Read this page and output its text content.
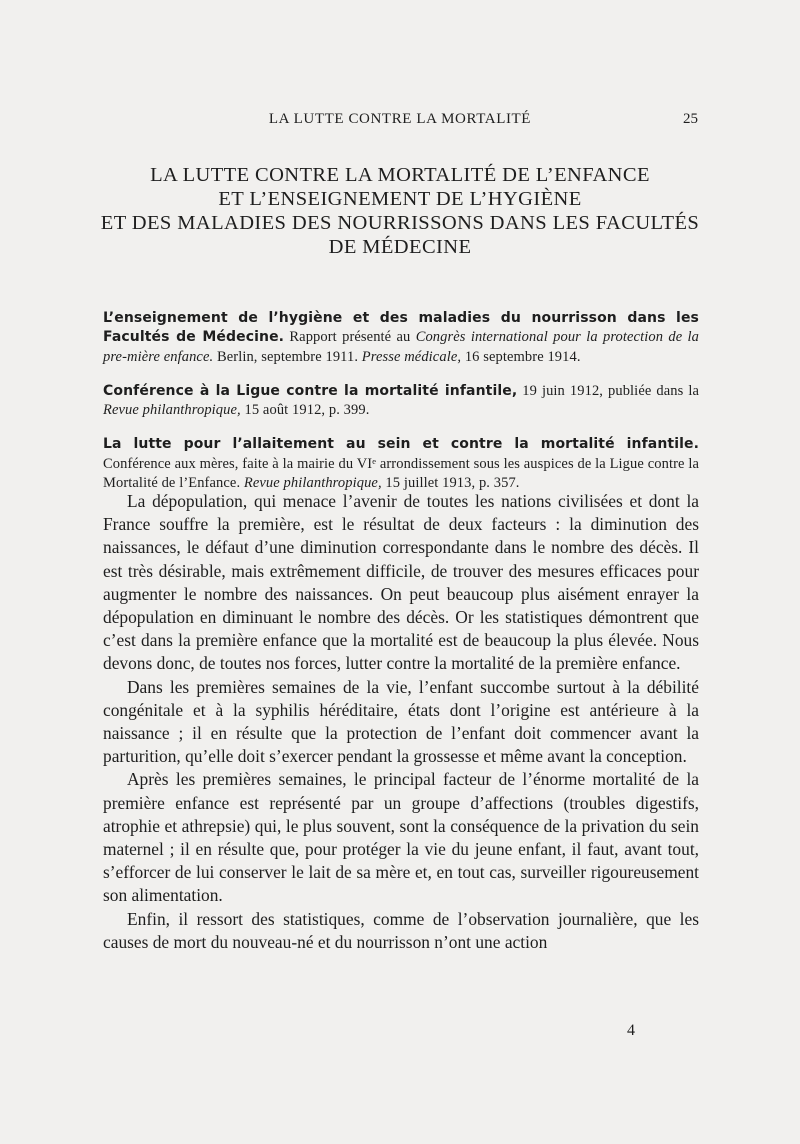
LA LUTTE CONTRE LA MORTALITÉ	25
LA LUTTE CONTRE LA MORTALITÉ DE L’ENFANCE
ET L’ENSEIGNEMENT DE L’HYGIÈNE
ET DES MALADIES DES NOURRISSONS DANS LES FACULTÉS
DE MÉDECINE

L’enseignement de l’hygiène et des maladies du nourrisson dans les Facultés de Médecine. Rapport présenté au Congrès international pour la protection de la pre-mière enfance. Berlin, septembre 1911. Presse médicale, 16 septembre 1914.

Conférence à la Ligue contre la mortalité infantile, 19 juin 1912, publiée dans la Revue philanthropique, 15 août 1912, p. 399.

La lutte pour l’allaitement au sein et contre la mortalité infantile. Conférence aux mères, faite à la mairie du VIᵉ arrondissement sous les auspices de la Ligue contre la Mortalité de l’Enfance. Revue philanthropique, 15 juillet 1913, p. 357.

La dépopulation, qui menace l’avenir de toutes les nations civilisées et dont la France souffre la première, est le résultat de deux facteurs : la diminution des naissances, le défaut d’une diminution correspondante dans le nombre des décès. Il est très désirable, mais extrêmement difficile, de trouver des mesures efficaces pour augmenter le nombre des naissances. On peut beaucoup plus aisément enrayer la dépopulation en diminuant le nombre des décès. Or les statistiques démontrent que c’est dans la première enfance que la mortalité est de beaucoup la plus élevée. Nous devons donc, de toutes nos forces, lutter contre la mortalité de la première enfance.

Dans les premières semaines de la vie, l’enfant succombe surtout à la débilité congénitale et à la syphilis héréditaire, états dont l’origine est antérieure à la naissance ; il en résulte que la protection de l’enfant doit commencer avant la parturition, qu’elle doit s’exercer pendant la grossesse et même avant la conception.

Après les premières semaines, le principal facteur de l’énorme mortalité de la première enfance est représenté par un groupe d’affections (troubles digestifs, atrophie et athrepsie) qui, le plus souvent, sont la conséquence de la privation du sein maternel ; il en résulte que, pour protéger la vie du jeune enfant, il faut, avant tout, s’efforcer de lui conserver le lait de sa mère et, en tout cas, surveiller rigoureusement son alimentation.

Enfin, il ressort des statistiques, comme de l’observation journalière, que les causes de mort du nouveau-né et du nourrisson n’ont une action

4
